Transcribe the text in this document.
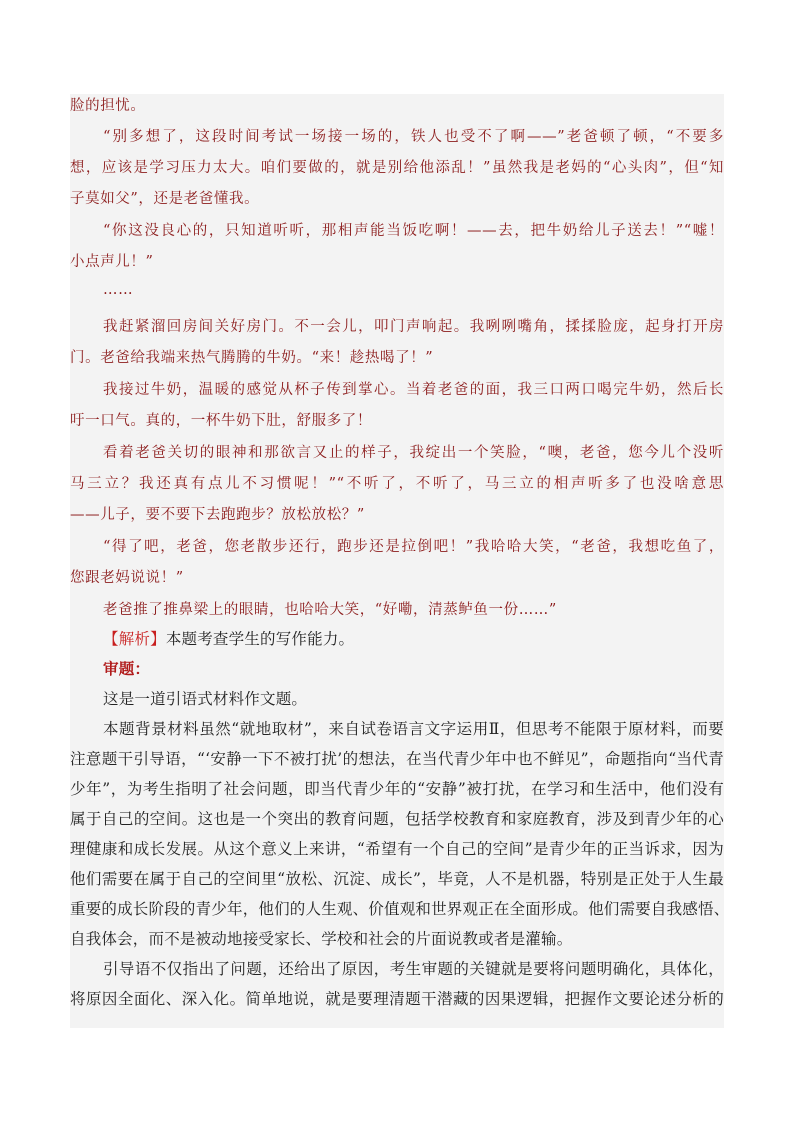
脸的担忧。
“别多想了，这段时间考试一场接一场的，铁人也受不了啊——”老爸顿了顿，“不要多
想，应该是学习压力太大。咱们要做的，就是别给他添乱！”虽然我是老妈的“心头肉”，但“知
子莫如父”，还是老爸懂我。
“你这没良心的，只知道听听，那相声能当饭吃啊！——去，把牛奶给儿子送去！”“嘘！
小点声儿！”
……
我赶紧溜回房间关好房门。不一会儿，叩门声响起。我咧咧嘴角，揉揉脸庞，起身打开房
门。老爸给我端来热气腾腾的牛奶。“来！趁热喝了！”
我接过牛奶，温暖的感觉从杯子传到掌心。当着老爸的面，我三口两口喝完牛奶，然后长
吁一口气。真的，一杯牛奶下肚，舒服多了！
看着老爸关切的眼神和那欲言又止的样子，我绽出一个笑脸，“噢，老爸，您今儿个没听
马三立？我还真有点儿不习惯呢！”“不听了，不听了，马三立的相声听多了也没啥意思
——儿子，要不要下去跑跑步？放松放松？”
“得了吧，老爸，您老散步还行，跑步还是拉倒吧！”我哈哈大笑，“老爸，我想吃鱼了，
您跟老妈说说！”
老爸推了推鼻梁上的眼睛，也哈哈大笑，“好嘞，清蒸鲈鱼一份……”
【解析】本题考查学生的写作能力。
审题：
这是一道引语式材料作文题。
本题背景材料虽然“就地取材”，来自试卷语言文字运用Ⅱ，但思考不能限于原材料，而要
注意题干引导语，“‘安静一下不被打扰’的想法，在当代青少年中也不鲜见”，命题指向“当代青
少年”，为考生指明了社会问题，即当代青少年的“安静”被打扰，在学习和生活中，他们没有
属于自己的空间。这也是一个突出的教育问题，包括学校教育和家庭教育，涉及到青少年的心
理健康和成长发展。从这个意义上来讲，“希望有一个自己的空间”是青少年的正当诉求，因为
他们需要在属于自己的空间里“放松、沉淀、成长”，毕竟，人不是机器，特别是正处于人生最
重要的成长阶段的青少年，他们的人生观、价值观和世界观正在全面形成。他们需要自我感悟、
自我体会，而不是被动地接受家长、学校和社会的片面说教或者是灌输。
引导语不仅指出了问题，还给出了原因，考生审题的关键就是要将问题明确化，具体化，
将原因全面化、深入化。简单地说，就是要理清题干潜藏的因果逻辑，把握作文要论述分析的
